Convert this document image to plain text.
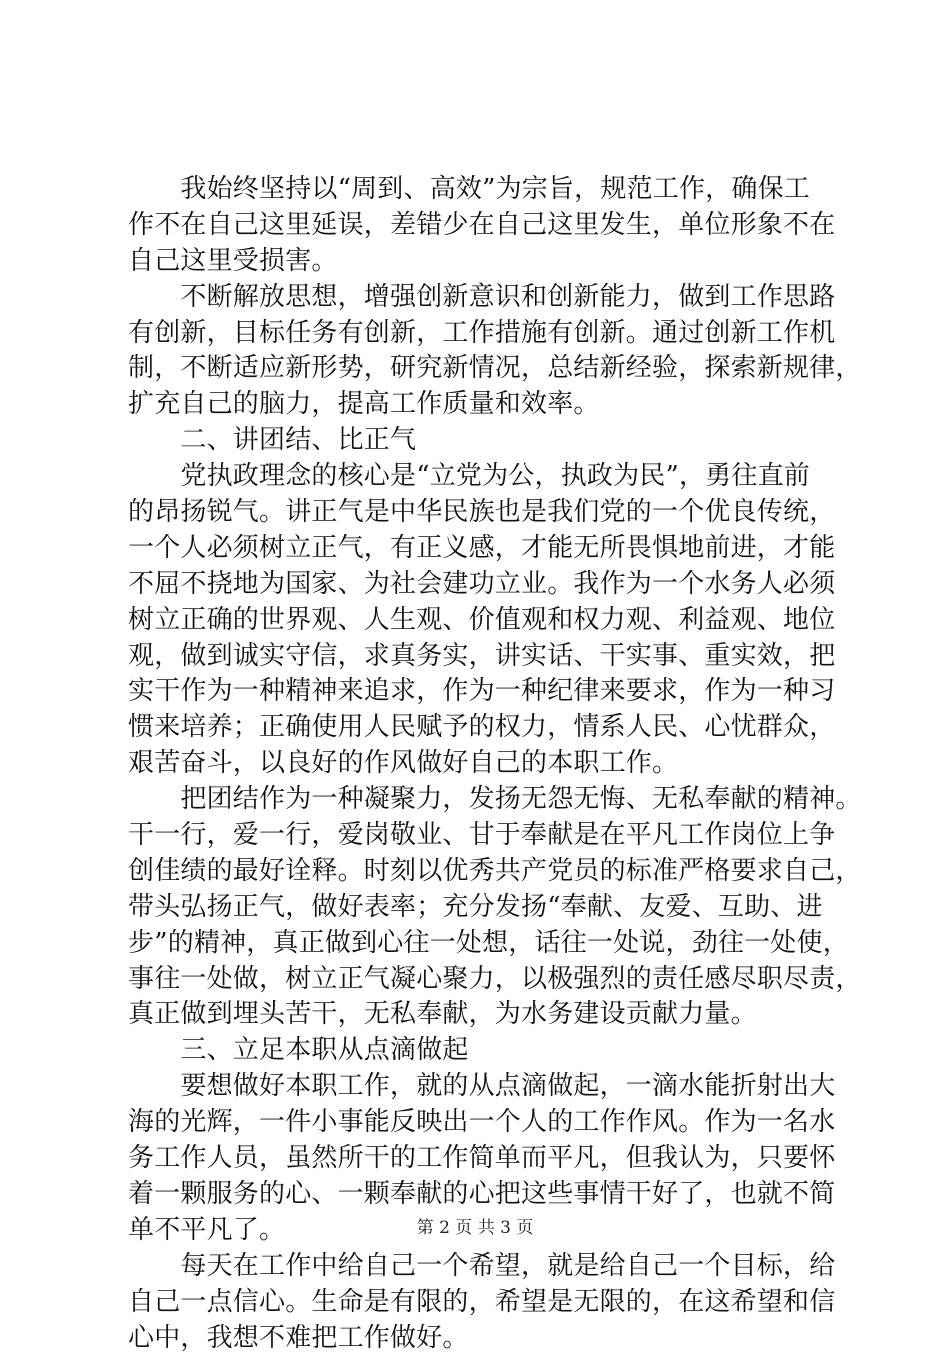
　　我始终坚持以“周到、高效”为宗旨，规范工作，确保工
作不在自己这里延误，差错少在自己这里发生，单位形象不在
自己这里受损害。
　　不断解放思想，增强创新意识和创新能力，做到工作思路
有创新，目标任务有创新，工作措施有创新。通过创新工作机
制，不断适应新形势，研究新情况，总结新经验，探索新规律，
扩充自己的脑力，提高工作质量和效率。
　　二、讲团结、比正气
　　党执政理念的核心是“立党为公，执政为民”，勇往直前
的昂扬锐气。讲正气是中华民族也是我们党的一个优良传统，
一个人必须树立正气，有正义感，才能无所畏惧地前进，才能
不屈不挠地为国家、为社会建功立业。我作为一个水务人必须
树立正确的世界观、人生观、价值观和权力观、利益观、地位
观，做到诚实守信，求真务实，讲实话、干实事、重实效，把
实干作为一种精神来追求，作为一种纪律来要求，作为一种习
惯来培养；正确使用人民赋予的权力，情系人民、心忧群众，
艰苦奋斗，以良好的作风做好自己的本职工作。
　　把团结作为一种凝聚力，发扬无怨无悔、无私奉献的精神。
干一行，爱一行，爱岗敬业、甘于奉献是在平凡工作岗位上争
创佳绩的最好诠释。时刻以优秀共产党员的标准严格要求自己，
带头弘扬正气，做好表率；充分发扬“奉献、友爱、互助、进
步”的精神，真正做到心往一处想，话往一处说，劲往一处使，
事往一处做，树立正气凝心聚力，以极强烈的责任感尽职尽责，
真正做到埋头苦干，无私奉献，为水务建设贡献力量。
　　三、立足本职从点滴做起
　　要想做好本职工作，就的从点滴做起，一滴水能折射出大
海的光辉，一件小事能反映出一个人的工作作风。作为一名水
务工作人员，虽然所干的工作简单而平凡，但我认为，只要怀
着一颗服务的心、一颗奉献的心把这些事情干好了，也就不简
单不平凡了。
　　每天在工作中给自己一个希望，就是给自己一个目标，给
自己一点信心。生命是有限的，希望是无限的，在这希望和信
心中，我想不难把工作做好。
第 2 页 共 3 页
